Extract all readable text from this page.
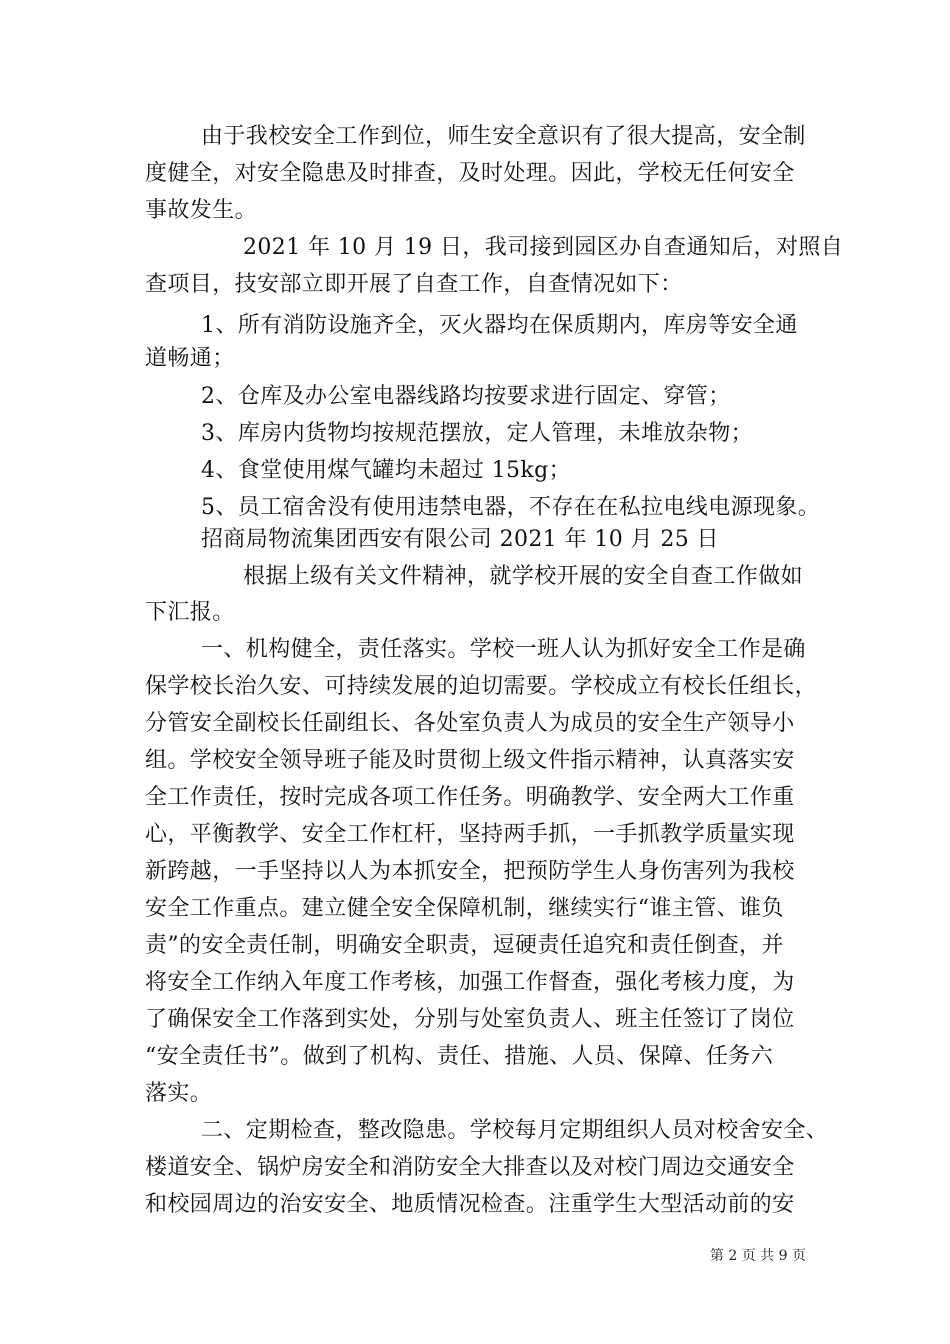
由于我校安全工作到位，师生安全意识有了很大提高，安全制
度健全，对安全隐患及时排查，及时处理。因此，学校无任何安全
事故发生。
2021 年 10 月 19 日，我司接到园区办自查通知后，对照自
查项目，技安部立即开展了自查工作，自查情况如下：
1、所有消防设施齐全，灭火器均在保质期内，库房等安全通
道畅通；
2、仓库及办公室电器线路均按要求进行固定、穿管；
3、库房内货物均按规范摆放，定人管理，未堆放杂物；
4、食堂使用煤气罐均未超过 15kg；
5、员工宿舍没有使用违禁电器，不存在在私拉电线电源现象。
招商局物流集团西安有限公司 2021 年 10 月 25 日
根据上级有关文件精神，就学校开展的安全自查工作做如
下汇报。
一、机构健全，责任落实。学校一班人认为抓好安全工作是确
保学校长治久安、可持续发展的迫切需要。学校成立有校长任组长，
分管安全副校长任副组长、各处室负责人为成员的安全生产领导小
组。学校安全领导班子能及时贯彻上级文件指示精神，认真落实安
全工作责任，按时完成各项工作任务。明确教学、安全两大工作重
心，平衡教学、安全工作杠杆，坚持两手抓，一手抓教学质量实现
新跨越，一手坚持以人为本抓安全，把预防学生人身伤害列为我校
安全工作重点。建立健全安全保障机制，继续实行“谁主管、谁负
责”的安全责任制，明确安全职责，逗硬责任追究和责任倒查，并
将安全工作纳入年度工作考核，加强工作督查，强化考核力度，为
了确保安全工作落到实处，分别与处室负责人、班主任签订了岗位
“安全责任书”。做到了机构、责任、措施、人员、保障、任务六
落实。
二、定期检查，整改隐患。学校每月定期组织人员对校舍安全、
楼道安全、锅炉房安全和消防安全大排查以及对校门周边交通安全
和校园周边的治安安全、地质情况检查。注重学生大型活动前的安
第 2 页 共 9 页
